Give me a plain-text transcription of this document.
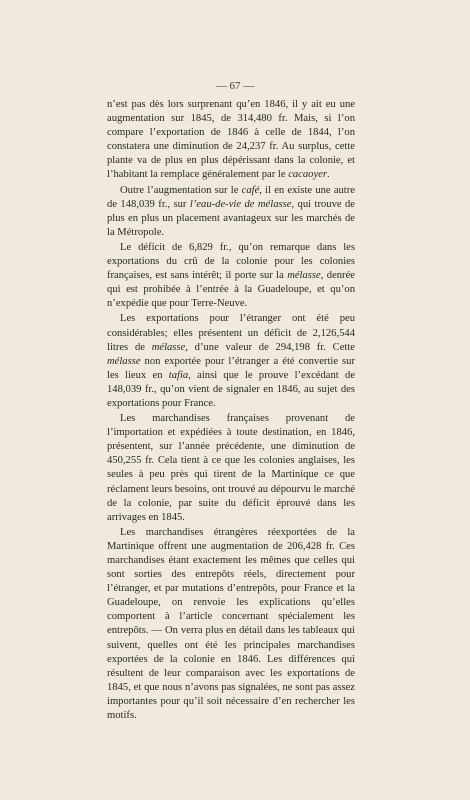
— 67 —

n’est pas dès lors surprenant qu’en 1846, il y ait eu une augmentation sur 1845, de 314,480 fr. Mais, si l’on compare l’exportation de 1846 à celle de 1844, l’on constatera une diminution de 24,237 fr. Au surplus, cette plante va de plus en plus dépérissant dans la colonie, et l’habitant la remplace généralement par le cacaoyer.

Outre l’augmentation sur le café, il en existe une autre de 148,039 fr., sur l’eau-de-vie de mélasse, qui trouve de plus en plus un placement avantageux sur les marchés de la Métropole.

Le déficit de 6,829 fr., qu’on remarque dans les exportations du crû de la colonie pour les colonies françaises, est sans intérêt; il porte sur la mélasse, denrée qui est prohibée à l’entrée à la Guadeloupe, et qu’on n’expédie que pour Terre-Neuve.

Les exportations pour l’étranger ont été peu considérables; elles présentent un déficit de 2,126,544 litres de mélasse, d’une valeur de 294,198 fr. Cette mélasse non exportée pour l’étranger a été convertie sur les lieux en tafia, ainsi que le prouve l’excédant de 148,039 fr., qu’on vient de signaler en 1846, au sujet des exportations pour France.

Les marchandises françaises provenant de l’importation et expédiées à toute destination, en 1846, présentent, sur l’année précédente, une diminution de 450,255 fr. Cela tient à ce que les colonies anglaises, les seules à peu près qui tirent de la Martinique ce que réclament leurs besoins, ont trouvé au dépourvu le marché de la colonie, par suite du déficit éprouvé dans les arrivages en 1845.

Les marchandises étrangères réexportées de la Martinique offrent une augmentation de 206,428 fr. Ces marchandises étant exactement les mêmes que celles qui sont sorties des entrepôts réels, directement pour l’étranger, et par mutations d’entrepôts, pour France et la Guadeloupe, on renvoie les explications qu’elles comportent à l’article concernant spécialement les entrepôts. — On verra plus en détail dans les tableaux qui suivent, quelles ont été les principales marchandises exportées de la colonie en 1846. Les différences qui résultent de leur comparaison avec les exportations de 1845, et que nous n’avons pas signalées, ne sont pas assez importantes pour qu’il soit nécessaire d’en rechercher les motifs.
